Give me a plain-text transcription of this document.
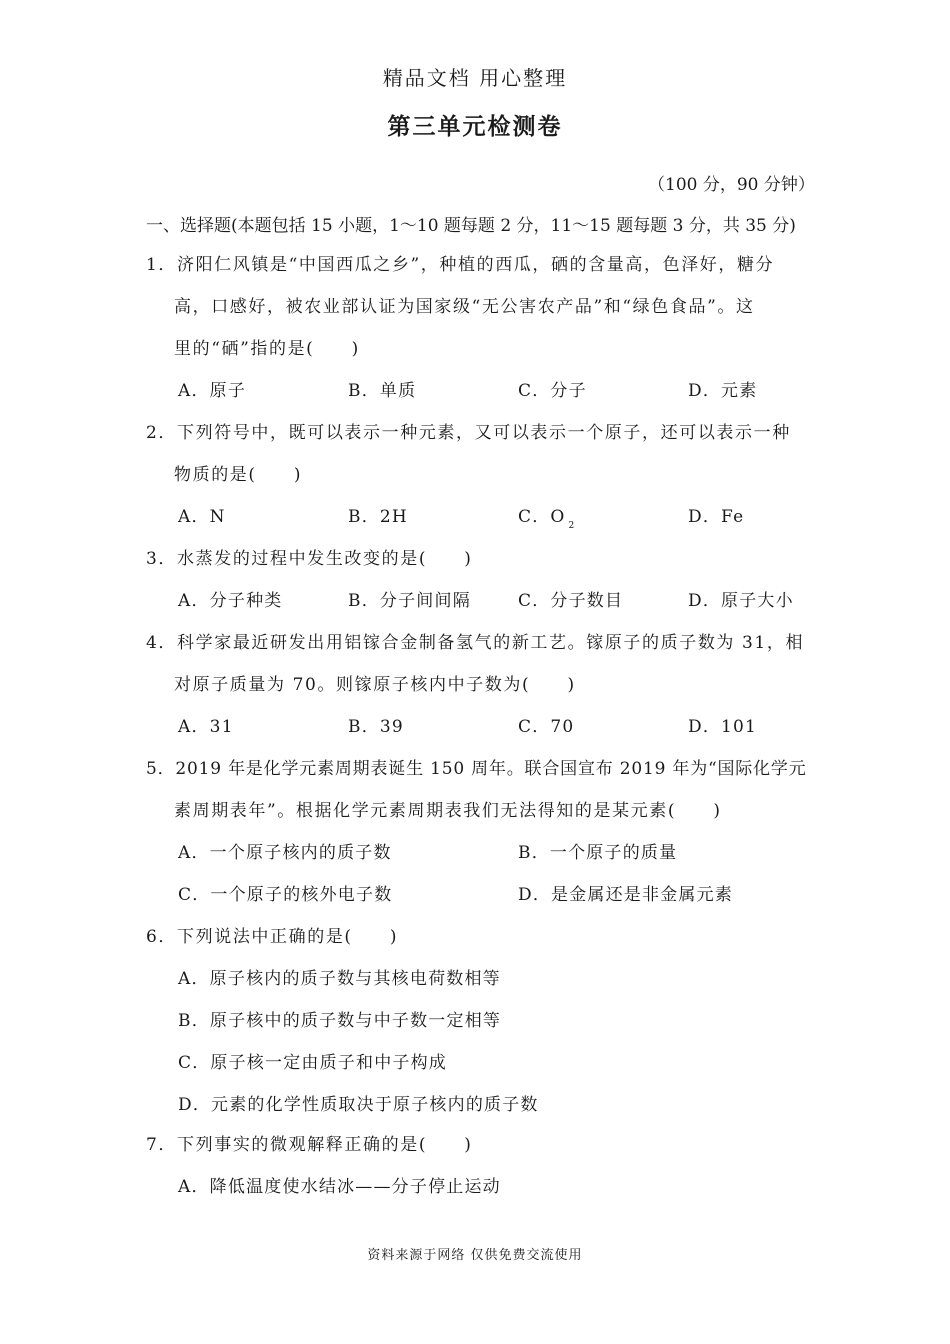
精品文档 用心整理
第三单元检测卷
（100 分，90 分钟）
一、选择题(本题包括 15 小题，1～10 题每题 2 分，11～15 题每题 3 分，共 35 分)
1．济阳仁风镇是“中国西瓜之乡”，种植的西瓜，硒的含量高，色泽好，糖分
高，口感好，被农业部认证为国家级“无公害农产品”和“绿色食品”。这
里的“硒”指的是(　　)
A．原子	B．单质	C．分子	D．元素
2．下列符号中，既可以表示一种元素，又可以表示一个原子，还可以表示一种
物质的是(　　)
A．N	B．2H	C．O $_2$	D．Fe
3．水蒸发的过程中发生改变的是(　　)
A．分子种类	B．分子间间隔	C．分子数目	D．原子大小
4．科学家最近研发出用铝镓合金制备氢气的新工艺。镓原子的质子数为 31，相
对原子质量为 70。则镓原子核内中子数为(　　)
A．31	B．39	C．70	D．101
5．2019 年是化学元素周期表诞生 150 周年。联合国宣布 2019 年为“国际化学元
素周期表年”。根据化学元素周期表我们无法得知的是某元素(　　)
A．一个原子核内的质子数	B．一个原子的质量
C．一个原子的核外电子数	D．是金属还是非金属元素
6．下列说法中正确的是(　　)
A．原子核内的质子数与其核电荷数相等
B．原子核中的质子数与中子数一定相等
C．原子核一定由质子和中子构成
D．元素的化学性质取决于原子核内的质子数
7．下列事实的微观解释正确的是(　　)
A．降低温度使水结冰——分子停止运动
资料来源于网络 仅供免费交流使用
